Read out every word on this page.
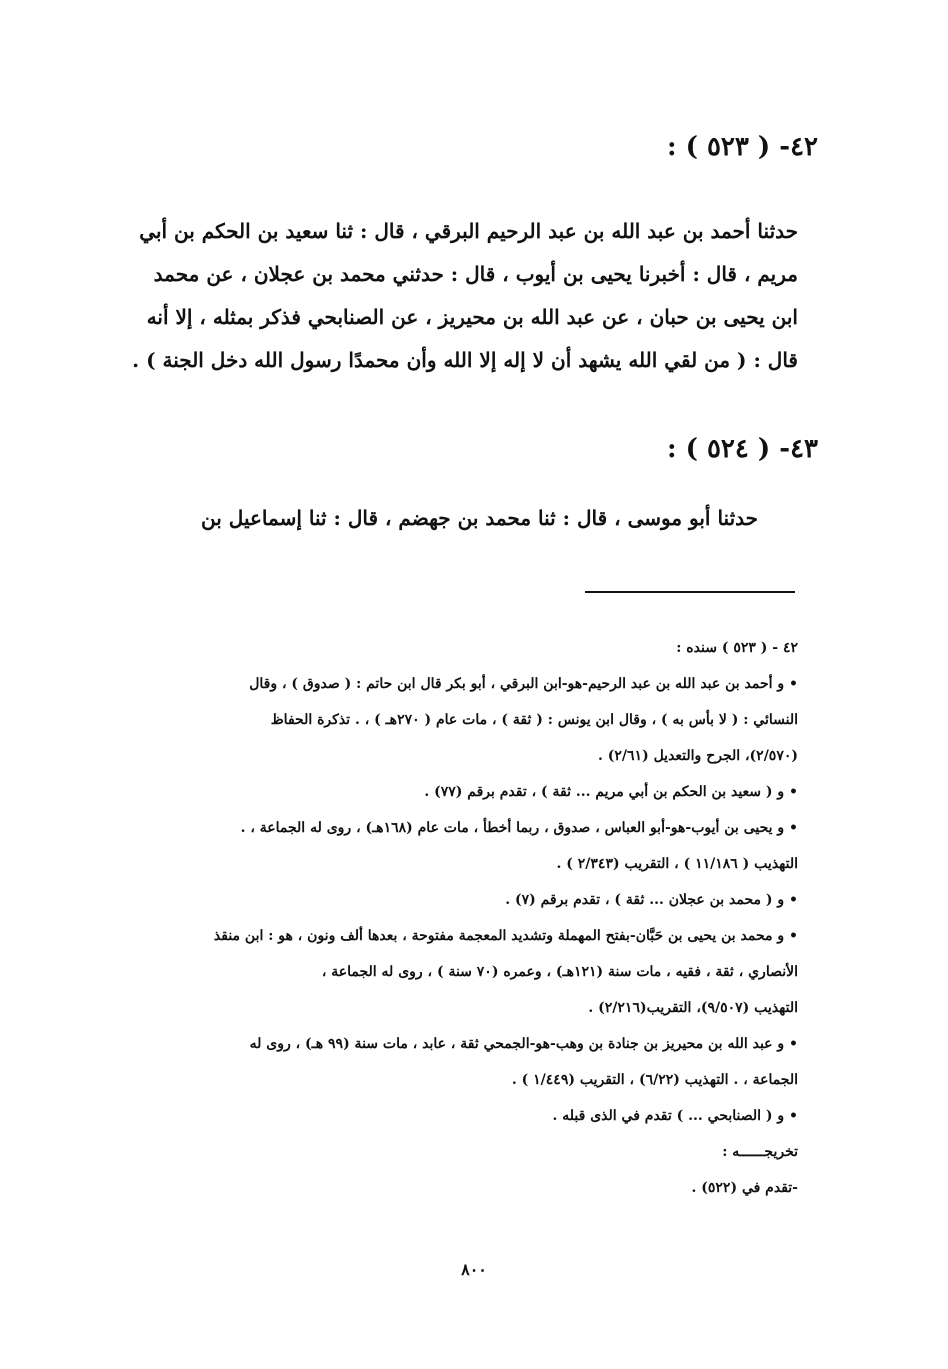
٤٢- ( ٥٢٣ ) :
حدثنا أحمد بن عبد الله بن عبد الرحيم البرقي ، قال : ثنا سعيد بن الحكم بن أبي
مريم ، قال : أخبرنا يحيى بن أيوب ، قال : حدثني محمد بن عجلان ، عن محمد
ابن يحيى بن حبان ، عن عبد الله بن محيريز ، عن الصنابحي فذكر بمثله ، إلا أنه
قال : ( من لقي الله يشهد أن لا إله إلا الله وأن محمدًا رسول الله دخل الجنة ) .
٤٣- ( ٥٢٤ ) :
حدثنا أبو موسى ، قال : ثنا محمد بن جهضم ، قال : ثنا إسماعيل بن
٤٢ - ( ٥٢٣ ) سنده :
• و أحمد بن عبد الله بن عبد الرحيم-هو-ابن البرقي ، أبو بكر قال ابن حاتم : ( صدوق ) ، وقال
النسائي : ( لا بأس به ) ، وقال ابن يونس : ( ثقة ) ، مات عام ( ٢٧٠هـ ) ، . تذكرة الحفاظ
(٢/٥٧٠)، الجرح والتعديل (٢/٦١) .
• و ( سعيد بن الحكم بن أبي مريم ... ثقة ) ، تقدم برقم (٧٧) .
• و يحيى بن أيوب-هو-أبو العباس ، صدوق ، ربما أخطأ ، مات عام (١٦٨هـ) ، روى له الجماعة ، .
التهذيب ( ١١/١٨٦ ) ، التقريب (٢/٣٤٣ ) .
• و ( محمد بن عجلان ... ثقة ) ، تقدم برقم (٧) .
• و محمد بن يحيى بن حَبَّان-بفتح المهملة وتشديد المعجمة مفتوحة ، بعدها ألف ونون ، هو : ابن منقذ
الأنصاري ، ثقة ، فقيه ، مات سنة (١٢١هـ) ، وعمره (٧٠ سنة ) ، روى له الجماعة ،
التهذيب (٩/٥٠٧)، التقريب(٢/٢١٦) .
• و عبد الله بن محيريز بن جنادة بن وهب-هو-الجمحي ثقة ، عابد ، مات سنة (٩٩ هـ) ، روى له
الجماعة ، . التهذيب (٦/٢٢) ، التقريب (١/٤٤٩ ) .
• و ( الصنابحي ... ) تقدم في الذى قبله .
تخريجــــــه :
-تقدم في (٥٢٢) .
٨٠٠
